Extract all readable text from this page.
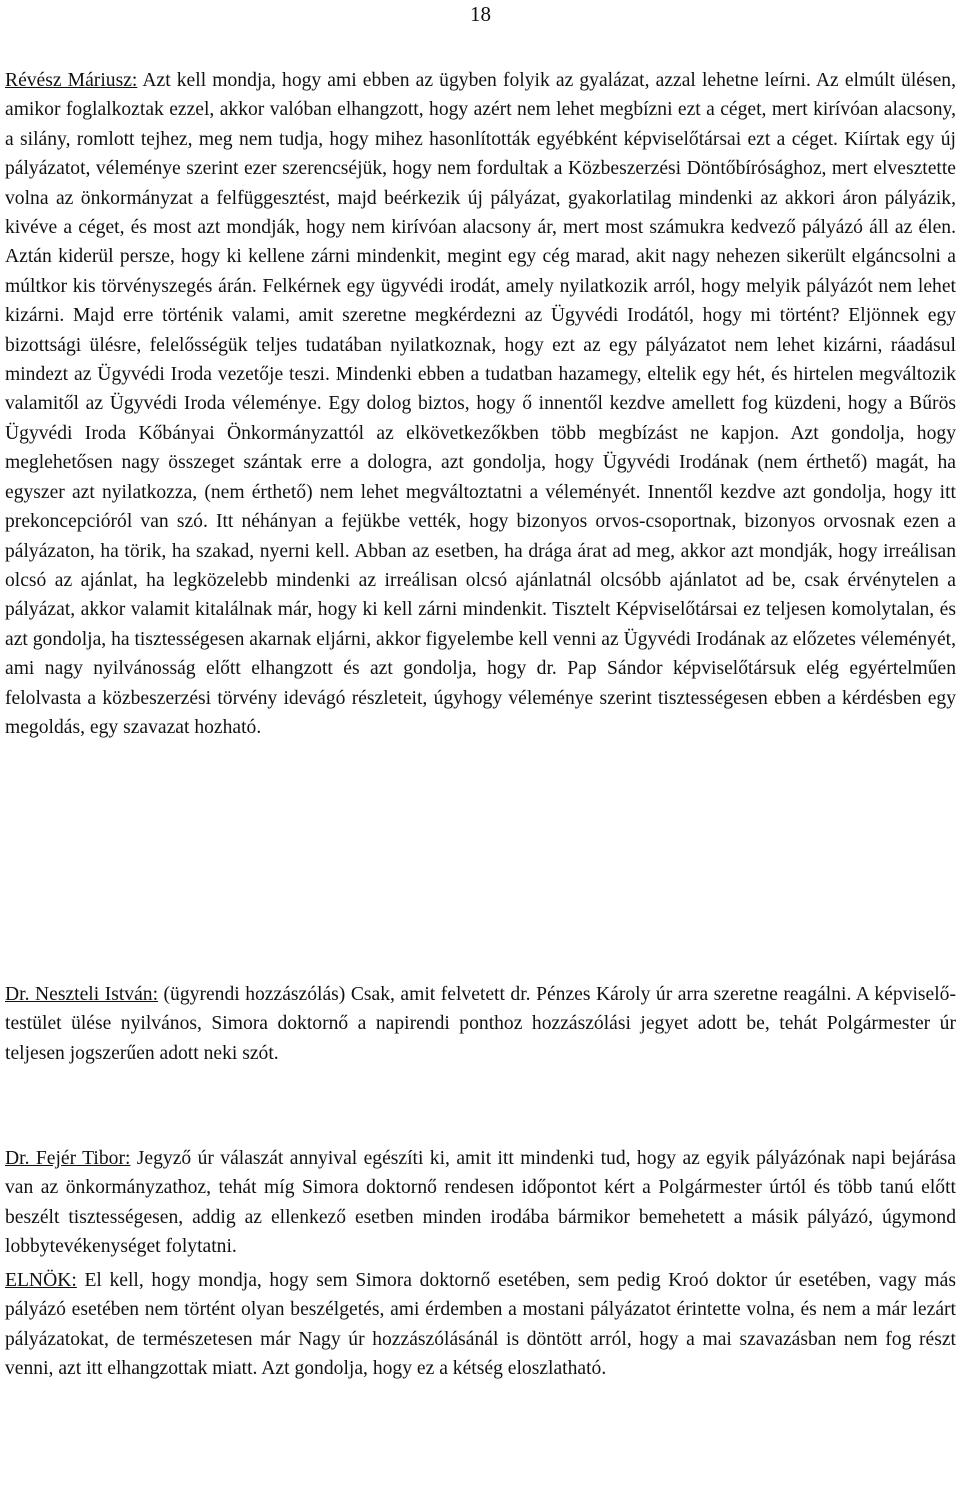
18

Révész Máriusz: Azt kell mondja, hogy ami ebben az ügyben folyik az gyalázat, azzal lehetne leírni. Az elmúlt ülésen, amikor foglalkoztak ezzel, akkor valóban elhangzott, hogy azért nem lehet megbízni ezt a céget, mert kirívóan alacsony, a silány, romlott tejhez, meg nem tudja, hogy mihez hasonlították egyébként képviselőtársai ezt a céget. Kiírtak egy új pályázatot, véleménye szerint ezer szerencséjük, hogy nem fordultak a Közbeszerzési Döntőbírósághoz, mert elvesztette volna az önkormányzat a felfüggesztést, majd beérkezik új pályázat, gyakorlatilag mindenki az akkori áron pályázik, kivéve a céget, és most azt mondják, hogy nem kirívóan alacsony ár, mert most számukra kedvező pályázó áll az élen. Aztán kiderül persze, hogy ki kellene zárni mindenkit, megint egy cég marad, akit nagy nehezen sikerült elgáncsolni a múltkor kis törvényszegés árán. Felkérnek egy ügyvédi irodát, amely nyilatkozik arról, hogy melyik pályázót nem lehet kizárni. Majd erre történik valami, amit szeretne megkérdezni az Ügyvédi Irodától, hogy mi történt? Eljönnek egy bizottsági ülésre, felelősségük teljes tudatában nyilatkoznak, hogy ezt az egy pályázatot nem lehet kizárni, ráadásul mindezt az Ügyvédi Iroda vezetője teszi. Mindenki ebben a tudatban hazamegy, eltelik egy hét, és hirtelen megváltozik valamitől az Ügyvédi Iroda véleménye. Egy dolog biztos, hogy ő innentől kezdve amellett fog küzdeni, hogy a Bűrös Ügyvédi Iroda Kőbányai Önkormányzattól az elkövetkezőkben több megbízást ne kapjon. Azt gondolja, hogy meglehetősen nagy összeget szántak erre a dologra, azt gondolja, hogy Ügyvédi Irodának (nem érthető) magát, ha egyszer azt nyilatkozza, (nem érthető) nem lehet megváltoztatni a véleményét. Innentől kezdve azt gondolja, hogy itt prekoncepcióról van szó. Itt néhányan a fejükbe vették, hogy bizonyos orvos-csoportnak, bizonyos orvosnak ezen a pályázaton, ha törik, ha szakad, nyerni kell. Abban az esetben, ha drága árat ad meg, akkor azt mondják, hogy irreálisan olcsó az ajánlat, ha legközelebb mindenki az irreálisan olcsó ajánlatnál olcsóbb ajánlatot ad be, csak érvénytelen a pályázat, akkor valamit kitalálnak már, hogy ki kell zárni mindenkit. Tisztelt Képviselőtársai ez teljesen komolytalan, és azt gondolja, ha tisztességesen akarnak eljárni, akkor figyelembe kell venni az Ügyvédi Irodának az előzetes véleményét, ami nagy nyilvánosság előtt elhangzott és azt gondolja, hogy dr. Pap Sándor képviselőtársuk elég egyértelműen felolvasta a közbeszerzési törvény idevágó részleteit, úgyhogy véleménye szerint tisztességesen ebben a kérdésben egy megoldás, egy szavazat hozható.

Dr. Neszteli István: (ügyrendi hozzászólás) Csak, amit felvetett dr. Pénzes Károly úr arra szeretne reagálni. A képviselő-testület ülése nyilvános, Simora doktornő a napirendi ponthoz hozzászólási jegyet adott be, tehát Polgármester úr teljesen jogszerűen adott neki szót.

Dr. Fejér Tibor: Jegyző úr válaszát annyival egészíti ki, amit itt mindenki tud, hogy az egyik pályázónak napi bejárása van az önkormányzathoz, tehát míg Simora doktornő rendesen időpontot kért a Polgármester úrtól és több tanú előtt beszélt tisztességesen, addig az ellenkező esetben minden irodába bármikor bemehetett a másik pályázó, úgymond lobbytevékenységet folytatni.

ELNÖK: El kell, hogy mondja, hogy sem Simora doktornő esetében, sem pedig Kroó doktor úr esetében, vagy más pályázó esetében nem történt olyan beszélgetés, ami érdemben a mostani pályázatot érintette volna, és nem a már lezárt pályázatokat, de természetesen már Nagy úr hozzászólásánál is döntött arról, hogy a mai szavazásban nem fog részt venni, azt itt elhangzottak miatt. Azt gondolja, hogy ez a kétség eloszlatható.
